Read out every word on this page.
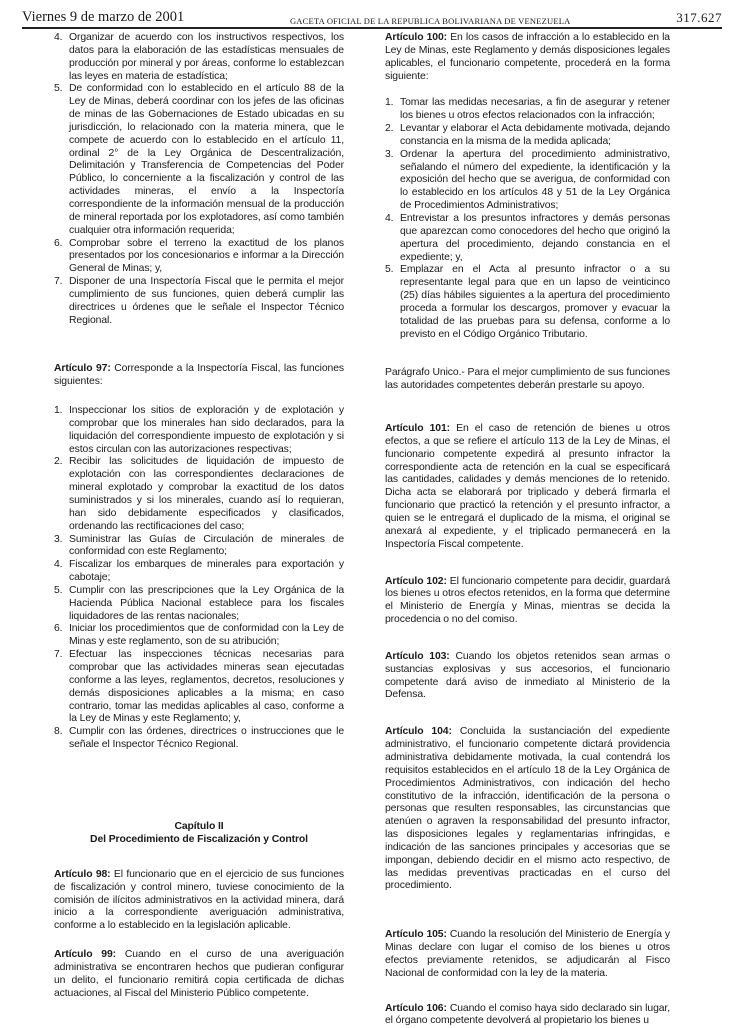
Viernes 9 de marzo de 2001	GACETA OFICIAL DE LA REPUBLICA BOLIVARIANA DE VENEZUELA	317.627
4. Organizar de acuerdo con los instructivos respectivos, los datos para la elaboración de las estadísticas mensuales de producción por mineral y por áreas, conforme lo establezcan las leyes en materia de estadística;
5. De conformidad con lo establecido en el artículo 88 de la Ley de Minas, deberá coordinar con los jefes de las oficinas de minas de las Gobernaciones de Estado ubicadas en su jurisdicción, lo relacionado con la materia minera, que le compete de acuerdo con lo establecido en el artículo 11, ordinal 2° de la Ley Orgánica de Descentralización, Delimitación y Transferencia de Competencias del Poder Público, lo concerniente a la fiscalización y control de las actividades mineras, el envío a la Inspectoría correspondiente de la información mensual de la producción de mineral reportada por los explotadores, así como también cualquier otra información requerida;
6. Comprobar sobre el terreno la exactitud de los planos presentados por los concesionarios e informar a la Dirección General de Minas; y,
7. Disponer de una Inspectoría Fiscal que le permita el mejor cumplimiento de sus funciones, quien deberá cumplir las directrices u órdenes que le señale el Inspector Técnico Regional.

Artículo 97: Corresponde a la Inspectoría Fiscal, las funciones siguientes:

1. Inspeccionar los sitios de exploración y de explotación y comprobar que los minerales han sido declarados, para la liquidación del correspondiente impuesto de explotación y si estos circulan con las autorizaciones respectivas;
2. Recibir las solicitudes de liquidación de impuesto de explotación con las correspondientes declaraciones de mineral explotado y comprobar la exactitud de los datos suministrados y si los minerales, cuando así lo requieran, han sido debidamente especificados y clasificados, ordenando las rectificaciones del caso;
3. Suministrar las Guías de Circulación de minerales de conformidad con este Reglamento;
4. Fiscalizar los embarques de minerales para exportación y cabotaje;
5. Cumplir con las prescripciones que la Ley Orgánica de la Hacienda Pública Nacional establece para los fiscales liquidadores de las rentas nacionales;
6. Iniciar los procedimientos que de conformidad con la Ley de Minas y este reglamento, son de su atribución;
7. Efectuar las inspecciones técnicas necesarias para comprobar que las actividades mineras sean ejecutadas conforme a las leyes, reglamentos, decretos, resoluciones y demás disposiciones aplicables a la misma; en caso contrario, tomar las medidas aplicables al caso, conforme a la Ley de Minas y este Reglamento; y,
8. Cumplir con las órdenes, directrices o instrucciones que le señale el Inspector Técnico Regional.
Capítulo II
Del Procedimiento de Fiscalización y Control

Artículo 98: El funcionario que en el ejercicio de sus funciones de fiscalización y control minero, tuviese conocimiento de la comisión de ilícitos administrativos en la actividad minera, dará inicio a la correspondiente averiguación administrativa, conforme a lo establecido en la legislación aplicable.

Artículo 99: Cuando en el curso de una averiguación administrativa se encontraren hechos que pudieran configurar un delito, el funcionario remitirá copia certificada de dichas actuaciones, al Fiscal del Ministerio Público competente.

Artículo 100: En los casos de infracción a lo establecido en la Ley de Minas, este Reglamento y demás disposiciones legales aplicables, el funcionario competente, procederá en la forma siguiente:

1. Tomar las medidas necesarias, a fin de asegurar y retener los bienes u otros efectos relacionados con la infracción;
2. Levantar y elaborar el Acta debidamente motivada, dejando constancia en la misma de la medida aplicada;
3. Ordenar la apertura del procedimiento administrativo, señalando el número del expediente, la identificación y la exposición del hecho que se averigua, de conformidad con lo establecido en los artículos 48 y 51 de la Ley Orgánica de Procedimientos Administrativos;
4. Entrevistar a los presuntos infractores y demás personas que aparezcan como conocedores del hecho que originó la apertura del procedimiento, dejando constancia en el expediente; y,
5. Emplazar en el Acta al presunto infractor o a su representante legal para que en un lapso de veinticinco (25) días hábiles siguientes a la apertura del procedimiento proceda a formular los descargos, promover y evacuar la totalidad de las pruebas para su defensa, conforme a lo previsto en el Código Orgánico Tributario.

Parágrafo Unico.- Para el mejor cumplimiento de sus funciones las autoridades competentes deberán prestarle su apoyo.

Artículo 101: En el caso de retención de bienes u otros efectos, a que se refiere el artículo 113 de la Ley de Minas, el funcionario competente expedirá al presunto infractor la correspondiente acta de retención en la cual se especificará las cantidades, calidades y demás menciones de lo retenido. Dicha acta se elaborará por triplicado y deberá firmarla el funcionario que practicó la retención y el presunto infractor, a quien se le entregará el duplicado de la misma, el original se anexará al expediente, y el triplicado permanecerá en la Inspectoría Fiscal competente.

Artículo 102: El funcionario competente para decidir, guardará los bienes u otros efectos retenidos, en la forma que determine el Ministerio de Energía y Minas, mientras se decida la procedencia o no del comiso.

Artículo 103: Cuando los objetos retenidos sean armas o sustancias explosivas y sus accesorios, el funcionario competente dará aviso de inmediato al Ministerio de la Defensa.

Artículo 104: Concluida la sustanciación del expediente administrativo, el funcionario competente dictará providencia administrativa debidamente motivada, la cual contendrá los requisitos establecidos en el artículo 18 de la Ley Orgánica de Procedimientos Administrativos, con indicación del hecho constitutivo de la infracción, identificación de la persona o personas que resulten responsables, las circunstancias que atenúen o agraven la responsabilidad del presunto infractor, las disposiciones legales y reglamentarias infringidas, e indicación de las sanciones principales y accesorias que se impongan, debiendo decidir en el mismo acto respectivo, de las medidas preventivas practicadas en el curso del procedimiento.

Artículo 105: Cuando la resolución del Ministerio de Energía y Minas declare con lugar el comiso de los bienes u otros efectos previamente retenidos, se adjudicarán al Fisco Nacional de conformidad con la ley de la materia.

Artículo 106: Cuando el comiso haya sido declarado sin lugar, el órgano competente devolverá al propietario los bienes u
